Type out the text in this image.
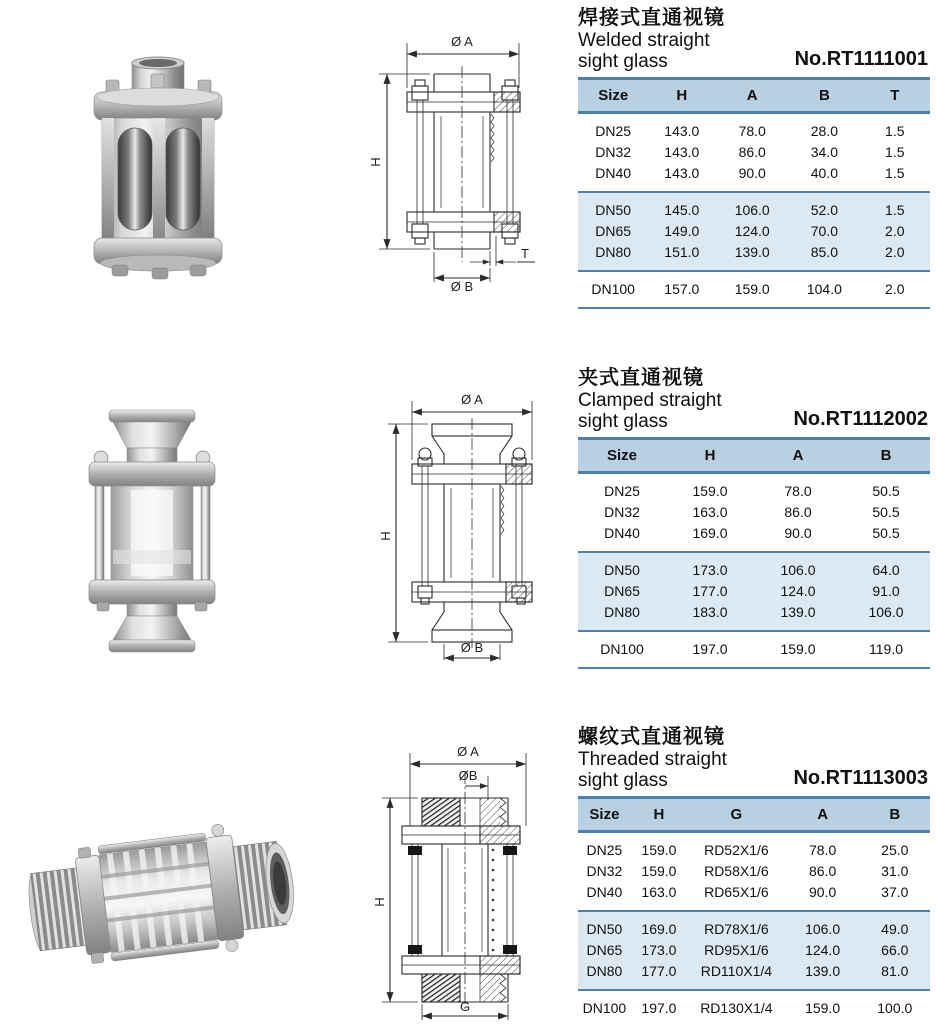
Ø A
H
T
Ø B
焊接式直通视镜
Welded straight
sight glass	No.RT1111001
Size	H	A	B	T
DN25	143.0	78.0	28.0	1.5
DN32	143.0	86.0	34.0	1.5
DN40	143.0	90.0	40.0	1.5
DN50	145.0	106.0	52.0	1.5
DN65	149.0	124.0	70.0	2.0
DN80	151.0	139.0	85.0	2.0
DN100	157.0	159.0	104.0	2.0
Ø A
H
Ø B
夹式直通视镜
Clamped straight
sight glass	No.RT1112002
Size	H	A	B
DN25	159.0	78.0	50.5
DN32	163.0	86.0	50.5
DN40	169.0	90.0	50.5
DN50	173.0	106.0	64.0
DN65	177.0	124.0	91.0
DN80	183.0	139.0	106.0
DN100	197.0	159.0	119.0
Ø A
ØB
H
G
螺纹式直通视镜
Threaded straight
sight glass	No.RT1113003
Size	H	G	A	B
DN25	159.0	RD52X1/6	78.0	25.0
DN32	159.0	RD58X1/6	86.0	31.0
DN40	163.0	RD65X1/6	90.0	37.0
DN50	169.0	RD78X1/6	106.0	49.0
DN65	173.0	RD95X1/6	124.0	66.0
DN80	177.0	RD110X1/4	139.0	81.0
DN100	197.0	RD130X1/4	159.0	100.0
